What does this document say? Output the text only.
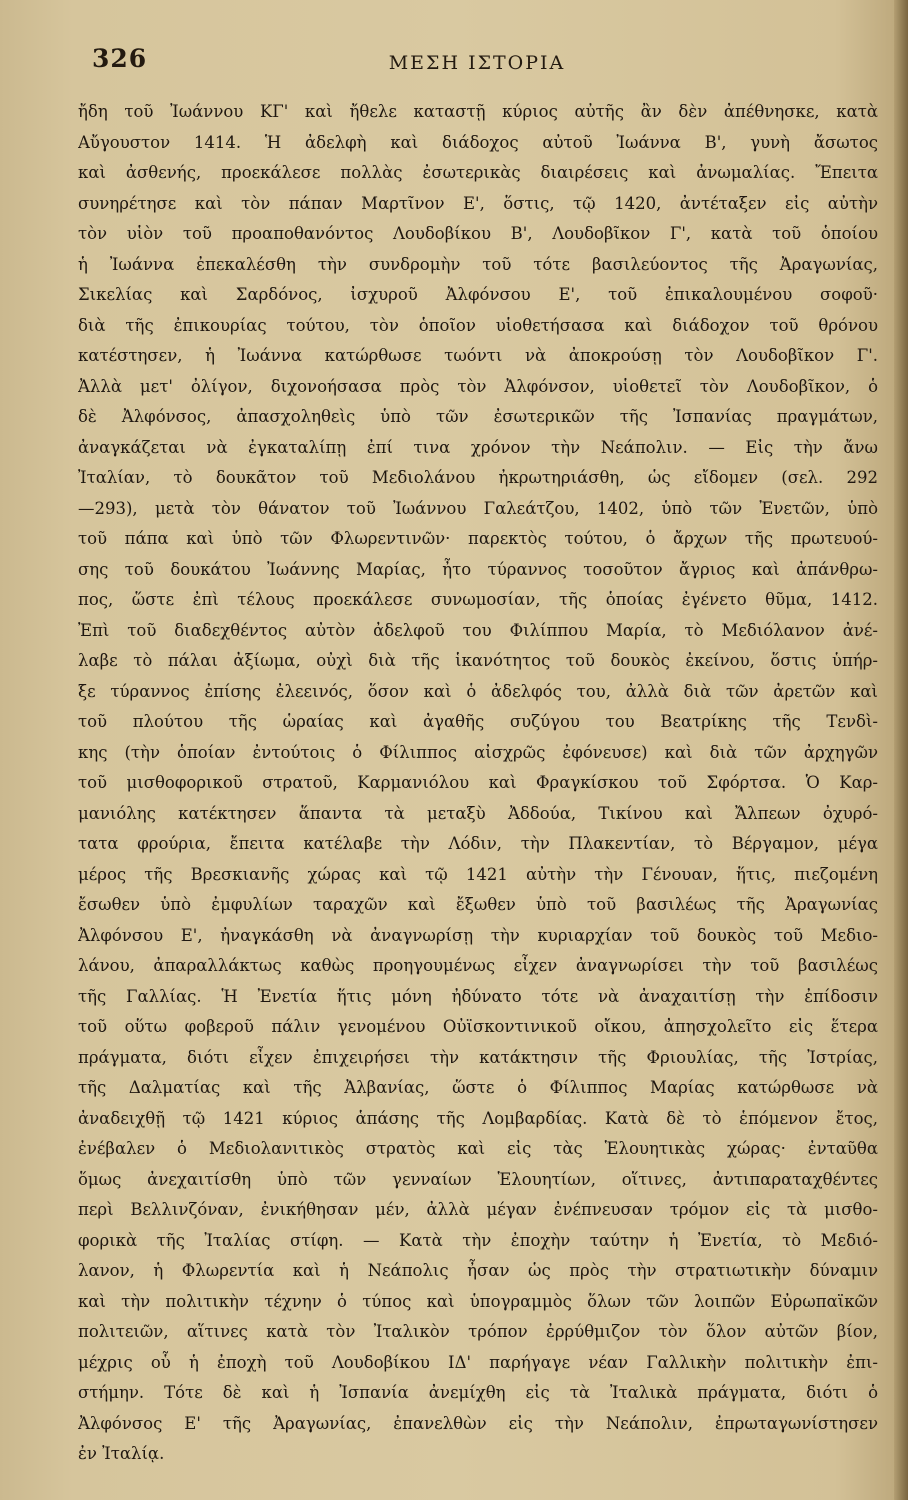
326	ΜΕΣΗ ΙΣΤΟΡΙΑ
ἤδη τοῦ Ἰωάννου ΚΓ' καὶ ἤθελε καταστῇ κύριος αὐτῆς ἂν δὲν ἀπέθνησκε, κατὰ
Αὔγουστον 1414. Ἡ ἀδελφὴ καὶ διάδοχος αὐτοῦ Ἰωάννα Β', γυνὴ ἄσωτος
καὶ ἀσθενής, προεκάλεσε πολλὰς ἐσωτερικὰς διαιρέσεις καὶ ἀνωμαλίας. Ἔπειτα
συνηρέτησε καὶ τὸν πάπαν Μαρτῖνον Ε', ὅστις, τῷ 1420, ἀντέταξεν εἰς αὐτὴν
τὸν υἱὸν τοῦ προαποθανόντος Λουδοβίκου Β', Λουδοβῖκον Γ', κατὰ τοῦ ὁποίου
ἡ Ἰωάννα ἐπεκαλέσθη τὴν συνδρομὴν τοῦ τότε βασιλεύοντος τῆς Ἀραγωνίας,
Σικελίας καὶ Σαρδόνος, ἰσχυροῦ Ἀλφόνσου Ε', τοῦ ἐπικαλουμένου σοφοῦ·
διὰ τῆς ἐπικουρίας τούτου, τὸν ὁποῖον υἱοθετήσασα καὶ διάδοχον τοῦ θρόνου
κατέστησεν, ἡ Ἰωάννα κατώρθωσε τωόντι νὰ ἀποκρούσῃ τὸν Λουδοβῖκον Γ'.
Ἀλλὰ μετ' ὀλίγον, διχονοήσασα πρὸς τὸν Ἀλφόνσον, υἱοθετεῖ τὸν Λουδοβῖκον, ὁ
δὲ Ἀλφόνσος, ἀπασχοληθεὶς ὑπὸ τῶν ἐσωτερικῶν τῆς Ἰσπανίας πραγμάτων,
ἀναγκάζεται νὰ ἐγκαταλίπῃ ἐπί τινα χρόνον τὴν Νεάπολιν. — Εἰς τὴν ἄνω
Ἰταλίαν, τὸ δουκᾶτον τοῦ Μεδιολάνου ἠκρωτηριάσθη, ὡς εἴδομεν (σελ. 292
—293), μετὰ τὸν θάνατον τοῦ Ἰωάννου Γαλεάτζου, 1402, ὑπὸ τῶν Ἐνετῶν, ὑπὸ
τοῦ πάπα καὶ ὑπὸ τῶν Φλωρεντινῶν· παρεκτὸς τούτου, ὁ ἄρχων τῆς πρωτευού-
σης τοῦ δουκάτου Ἰωάννης Μαρίας, ἦτο τύραννος τοσοῦτον ἄγριος καὶ ἀπάνθρω-
πος, ὥστε ἐπὶ τέλους προεκάλεσε συνωμοσίαν, τῆς ὁποίας ἐγένετο θῦμα, 1412.
Ἐπὶ τοῦ διαδεχθέντος αὐτὸν ἀδελφοῦ του Φιλίππου Μαρία, τὸ Μεδιόλανον ἀνέ-
λαβε τὸ πάλαι ἀξίωμα, οὐχὶ διὰ τῆς ἱκανότητος τοῦ δουκὸς ἐκείνου, ὅστις ὑπήρ-
ξε τύραννος ἐπίσης ἐλεεινός, ὅσον καὶ ὁ ἀδελφός του, ἀλλὰ διὰ τῶν ἀρετῶν καὶ
τοῦ πλούτου τῆς ὡραίας καὶ ἀγαθῆς συζύγου του Βεατρίκης τῆς Τενδὶ-
κης (τὴν ὁποίαν ἐντούτοις ὁ Φίλιππος αἰσχρῶς ἐφόνευσε) καὶ διὰ τῶν ἀρχηγῶν
τοῦ μισθοφορικοῦ στρατοῦ, Καρμανιόλου καὶ Φραγκίσκου τοῦ Σφόρτσα. Ὁ Καρ-
μανιόλης κατέκτησεν ἅπαντα τὰ μεταξὺ Ἀδδούα, Τικίνου καὶ Ἄλπεων ὀχυρό-
τατα φρούρια, ἔπειτα κατέλαβε τὴν Λόδιν, τὴν Πλακεντίαν, τὸ Βέργαμον, μέγα
μέρος τῆς Βρεσκιανῆς χώρας καὶ τῷ 1421 αὐτὴν τὴν Γένουαν, ἥτις, πιεζομένη
ἔσωθεν ὑπὸ ἐμφυλίων ταραχῶν καὶ ἔξωθεν ὑπὸ τοῦ βασιλέως τῆς Ἀραγωνίας
Ἀλφόνσου Ε', ἠναγκάσθη νὰ ἀναγνωρίσῃ τὴν κυριαρχίαν τοῦ δουκὸς τοῦ Μεδιο-
λάνου, ἀπαραλλάκτως καθὼς προηγουμένως εἶχεν ἀναγνωρίσει τὴν τοῦ βασιλέως
τῆς Γαλλίας. Ἡ Ἐνετία ἥτις μόνη ἠδύνατο τότε νὰ ἀναχαιτίσῃ τὴν ἐπίδοσιν
τοῦ οὕτω φοβεροῦ πάλιν γενομένου Οὐϊσκοντινικοῦ οἴκου, ἀπησχολεῖτο εἰς ἕτερα
πράγματα, διότι εἶχεν ἐπιχειρήσει τὴν κατάκτησιν τῆς Φριουλίας, τῆς Ἰστρίας,
τῆς Δαλματίας καὶ τῆς Ἀλβανίας, ὥστε ὁ Φίλιππος Μαρίας κατώρθωσε νὰ
ἀναδειχθῇ τῷ 1421 κύριος ἁπάσης τῆς Λομβαρδίας. Κατὰ δὲ τὸ ἑπόμενον ἔτος,
ἐνέβαλεν ὁ Μεδιολανιτικὸς στρατὸς καὶ εἰς τὰς Ἑλουητικὰς χώρας· ἐνταῦθα
ὅμως ἀνεχαιτίσθη ὑπὸ τῶν γενναίων Ἑλουητίων, οἵτινες, ἀντιπαραταχθέντες
περὶ Βελλινζόναν, ἐνικήθησαν μέν, ἀλλὰ μέγαν ἐνέπνευσαν τρόμον εἰς τὰ μισθο-
φορικὰ τῆς Ἰταλίας στίφη. — Κατὰ τὴν ἐποχὴν ταύτην ἡ Ἐνετία, τὸ Μεδιό-
λανον, ἡ Φλωρεντία καὶ ἡ Νεάπολις ἦσαν ὡς πρὸς τὴν στρατιωτικὴν δύναμιν
καὶ τὴν πολιτικὴν τέχνην ὁ τύπος καὶ ὑπογραμμὸς ὅλων τῶν λοιπῶν Εὐρωπαϊκῶν
πολιτειῶν, αἵτινες κατὰ τὸν Ἰταλικὸν τρόπον ἐρρύθμιζον τὸν ὅλον αὐτῶν βίον,
μέχρις οὗ ἡ ἐποχὴ τοῦ Λουδοβίκου ΙΔ' παρήγαγε νέαν Γαλλικὴν πολιτικὴν ἐπι-
στήμην. Τότε δὲ καὶ ἡ Ἰσπανία ἀνεμίχθη εἰς τὰ Ἰταλικὰ πράγματα, διότι ὁ
Ἀλφόνσος Ε' τῆς Ἀραγωνίας, ἐπανελθὼν εἰς τὴν Νεάπολιν, ἐπρωταγωνίστησεν
ἐν Ἰταλίᾳ.
